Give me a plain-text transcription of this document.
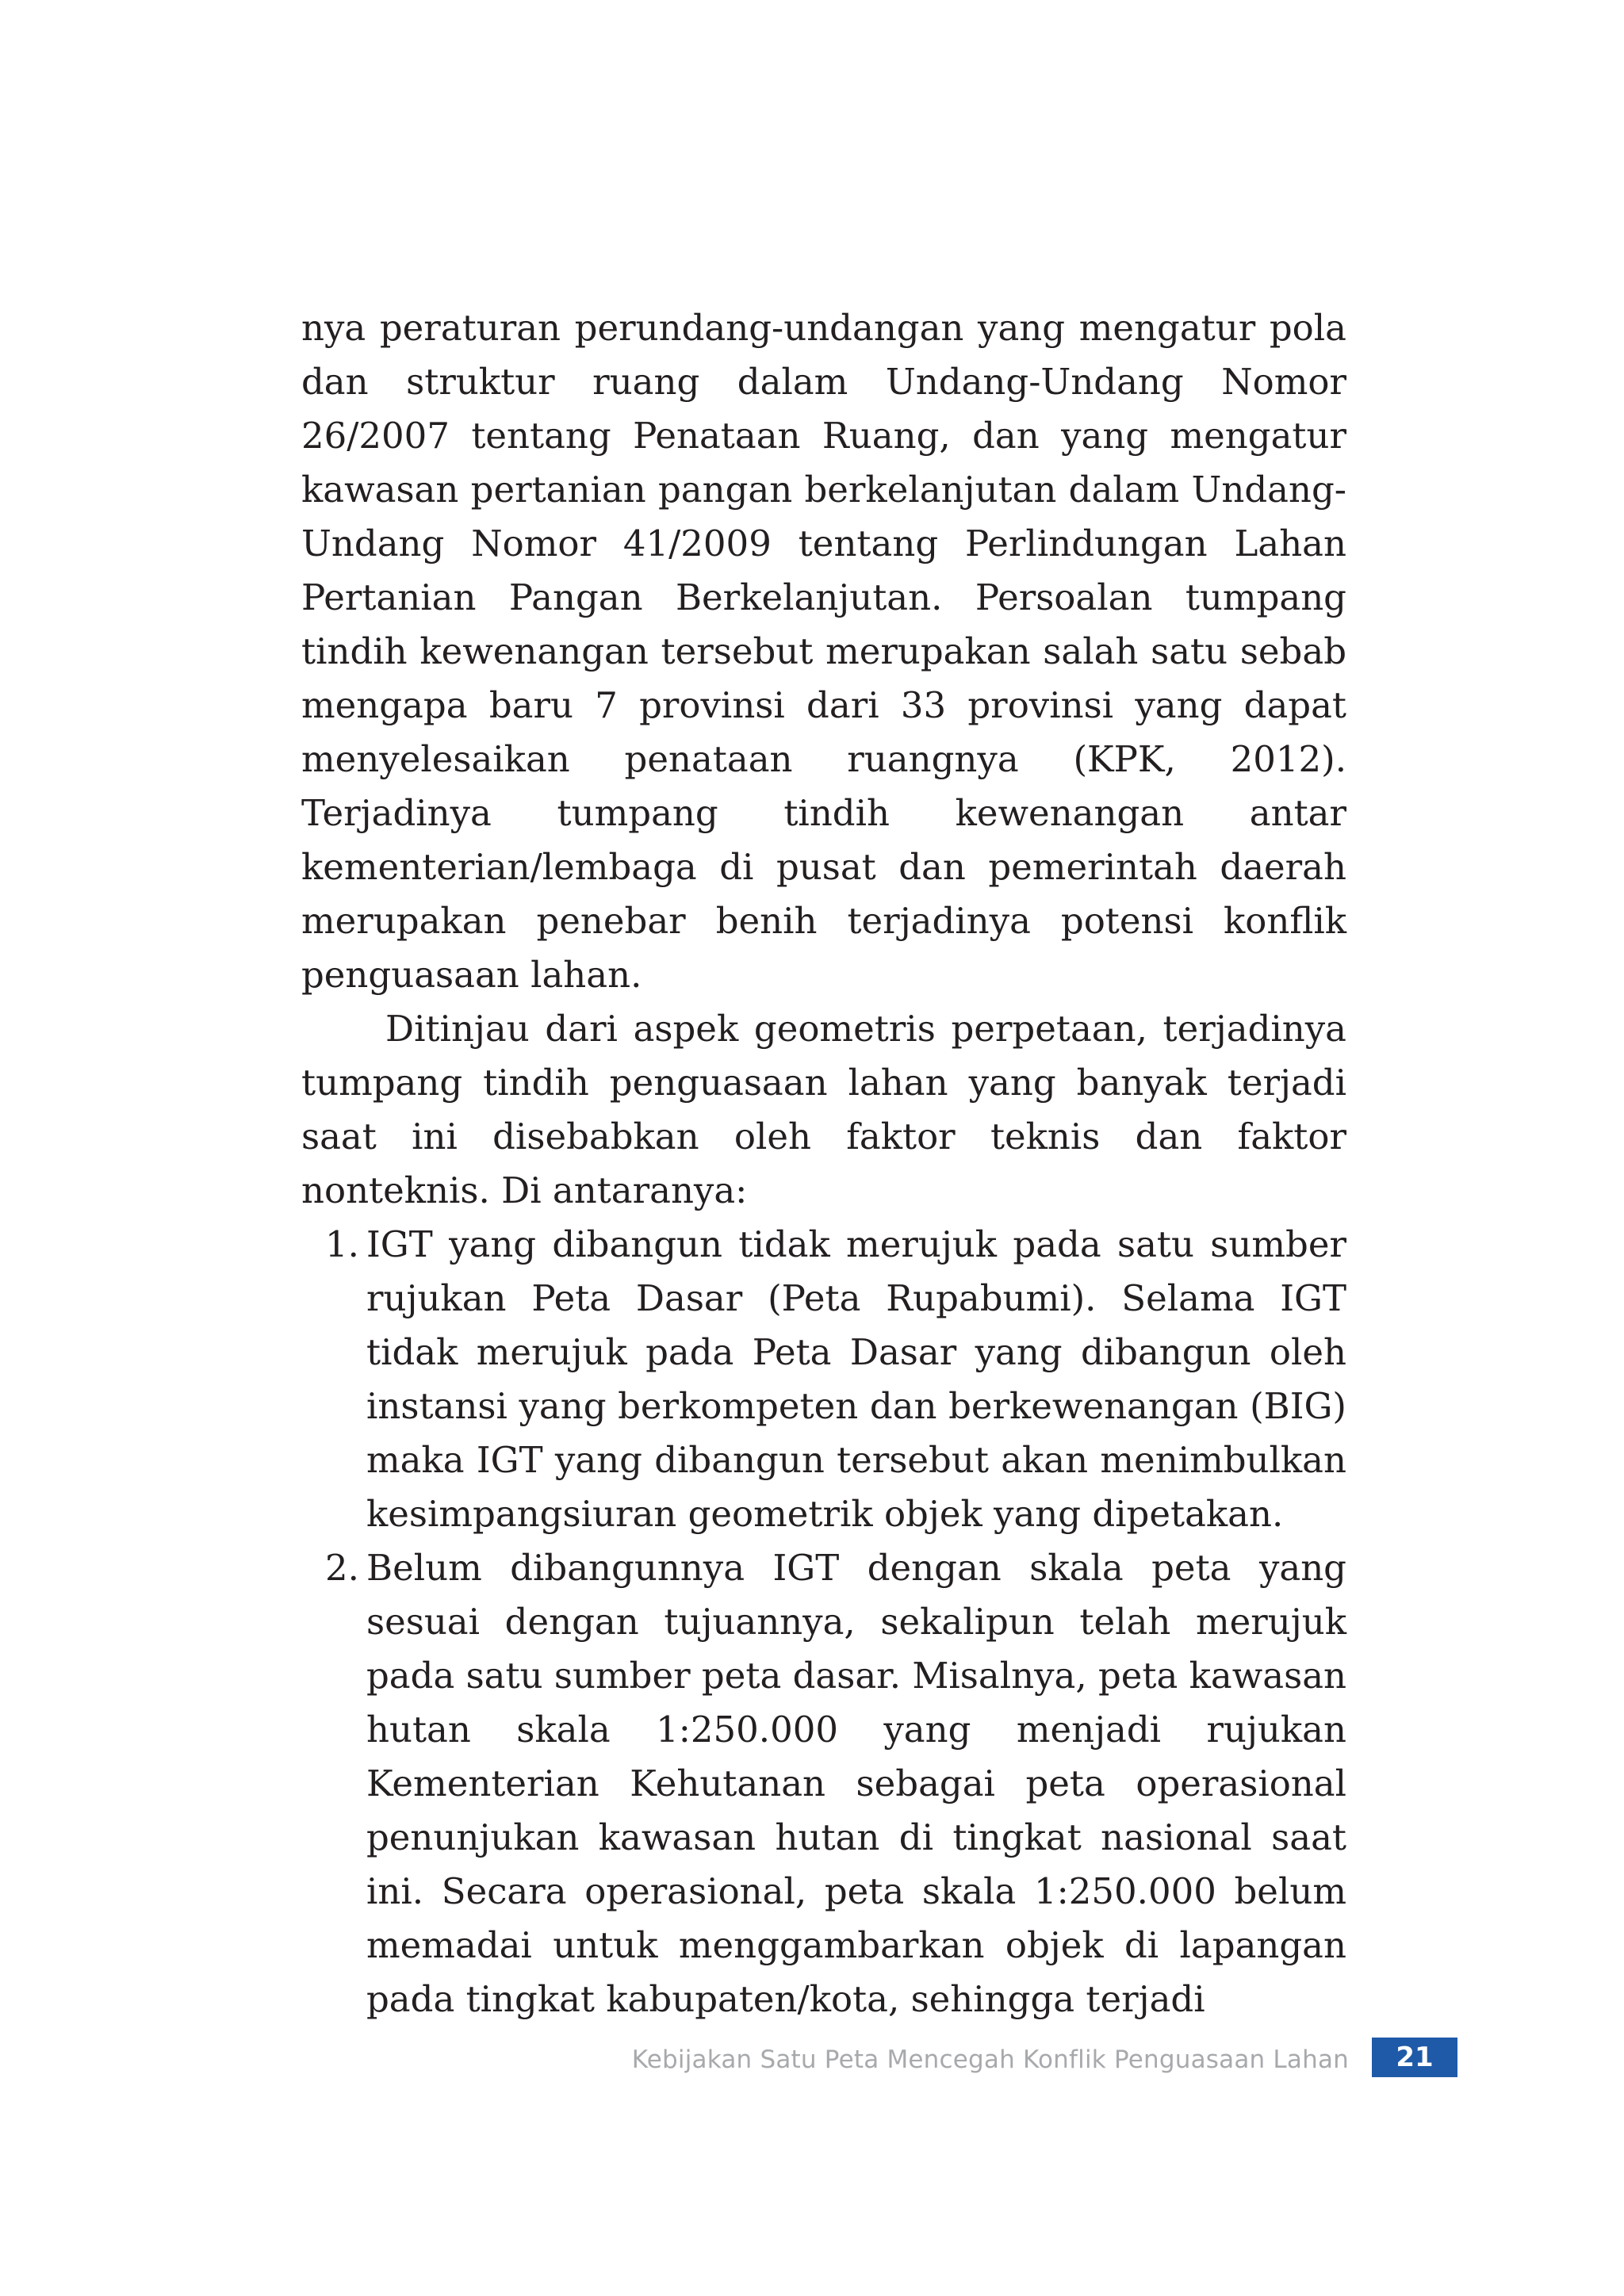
nya peraturan perundang-undangan yang mengatur pola dan struktur ruang dalam Undang-Undang Nomor 26/2007 tentang Penataan Ruang, dan yang mengatur kawasan pertanian pangan berkelanjutan dalam Undang-Undang Nomor 41/2009 tentang Perlindungan Lahan Pertanian Pangan Berkelanjutan. Persoalan tumpang tindih kewenangan tersebut merupakan salah satu sebab mengapa baru 7 provinsi dari 33 provinsi yang dapat menyelesaikan penataan ruangnya (KPK, 2012). Terjadinya tumpang tindih kewenangan antar kementerian/lembaga di pusat dan pemerintah daerah merupakan penebar benih terjadinya potensi konflik penguasaan lahan.

Ditinjau dari aspek geometris perpetaan, terjadinya tumpang tindih penguasaan lahan yang banyak terjadi saat ini disebabkan oleh faktor teknis dan faktor nonteknis. Di antaranya:

1. IGT yang dibangun tidak merujuk pada satu sumber rujukan Peta Dasar (Peta Rupabumi). Selama IGT tidak merujuk pada Peta Dasar yang dibangun oleh instansi yang berkompeten dan berkewenangan (BIG) maka IGT yang dibangun tersebut akan menimbulkan kesimpangsiuran geometrik objek yang dipetakan.
2. Belum dibangunnya IGT dengan skala peta yang sesuai dengan tujuannya, sekalipun telah merujuk pada satu sumber peta dasar. Misalnya, peta kawasan hutan skala 1:250.000 yang menjadi rujukan Kementerian Kehutanan sebagai peta operasional penunjukan kawasan hutan di tingkat nasional saat ini. Secara operasional, peta skala 1:250.000 belum memadai untuk menggambarkan objek di lapangan pada tingkat kabupaten/kota, sehingga terjadi
Kebijakan Satu Peta Mencegah Konflik Penguasaan Lahan	21
